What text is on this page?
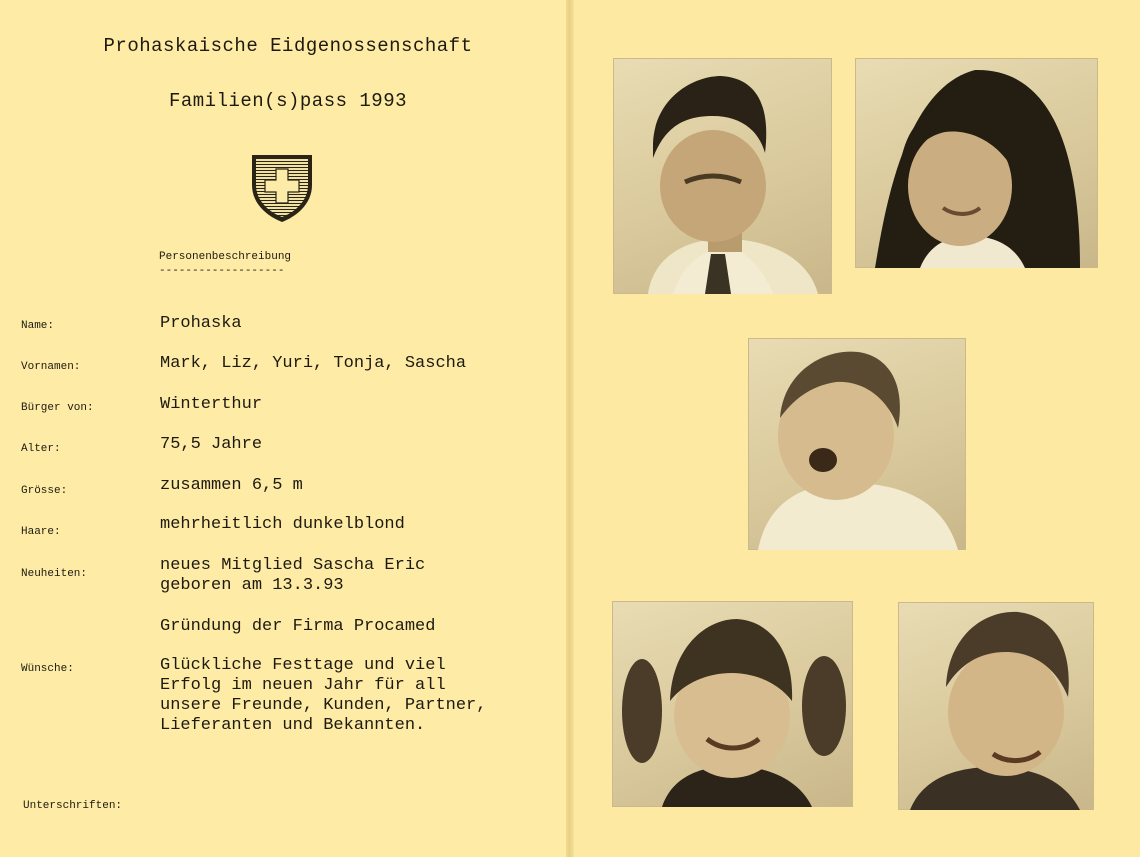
Prohaskaische Eidgenossenschaft
Familien(s)pass 1993
Personenbeschreibung
-------------------
Name:	Prohaska
Vornamen:	Mark, Liz, Yuri, Tonja, Sascha
Bürger von:	Winterthur
Alter:	75,5 Jahre
Grösse:	zusammen 6,5 m
Haare:	mehrheitlich dunkelblond
Neuheiten:	neues Mitglied Sascha Eric
geboren am 13.3.93
Gründung der Firma Procamed
Wünsche:	Glückliche Festtage und viel
Erfolg im neuen Jahr für all
unsere Freunde, Kunden, Partner,
Lieferanten und Bekannten.
Unterschriften:
